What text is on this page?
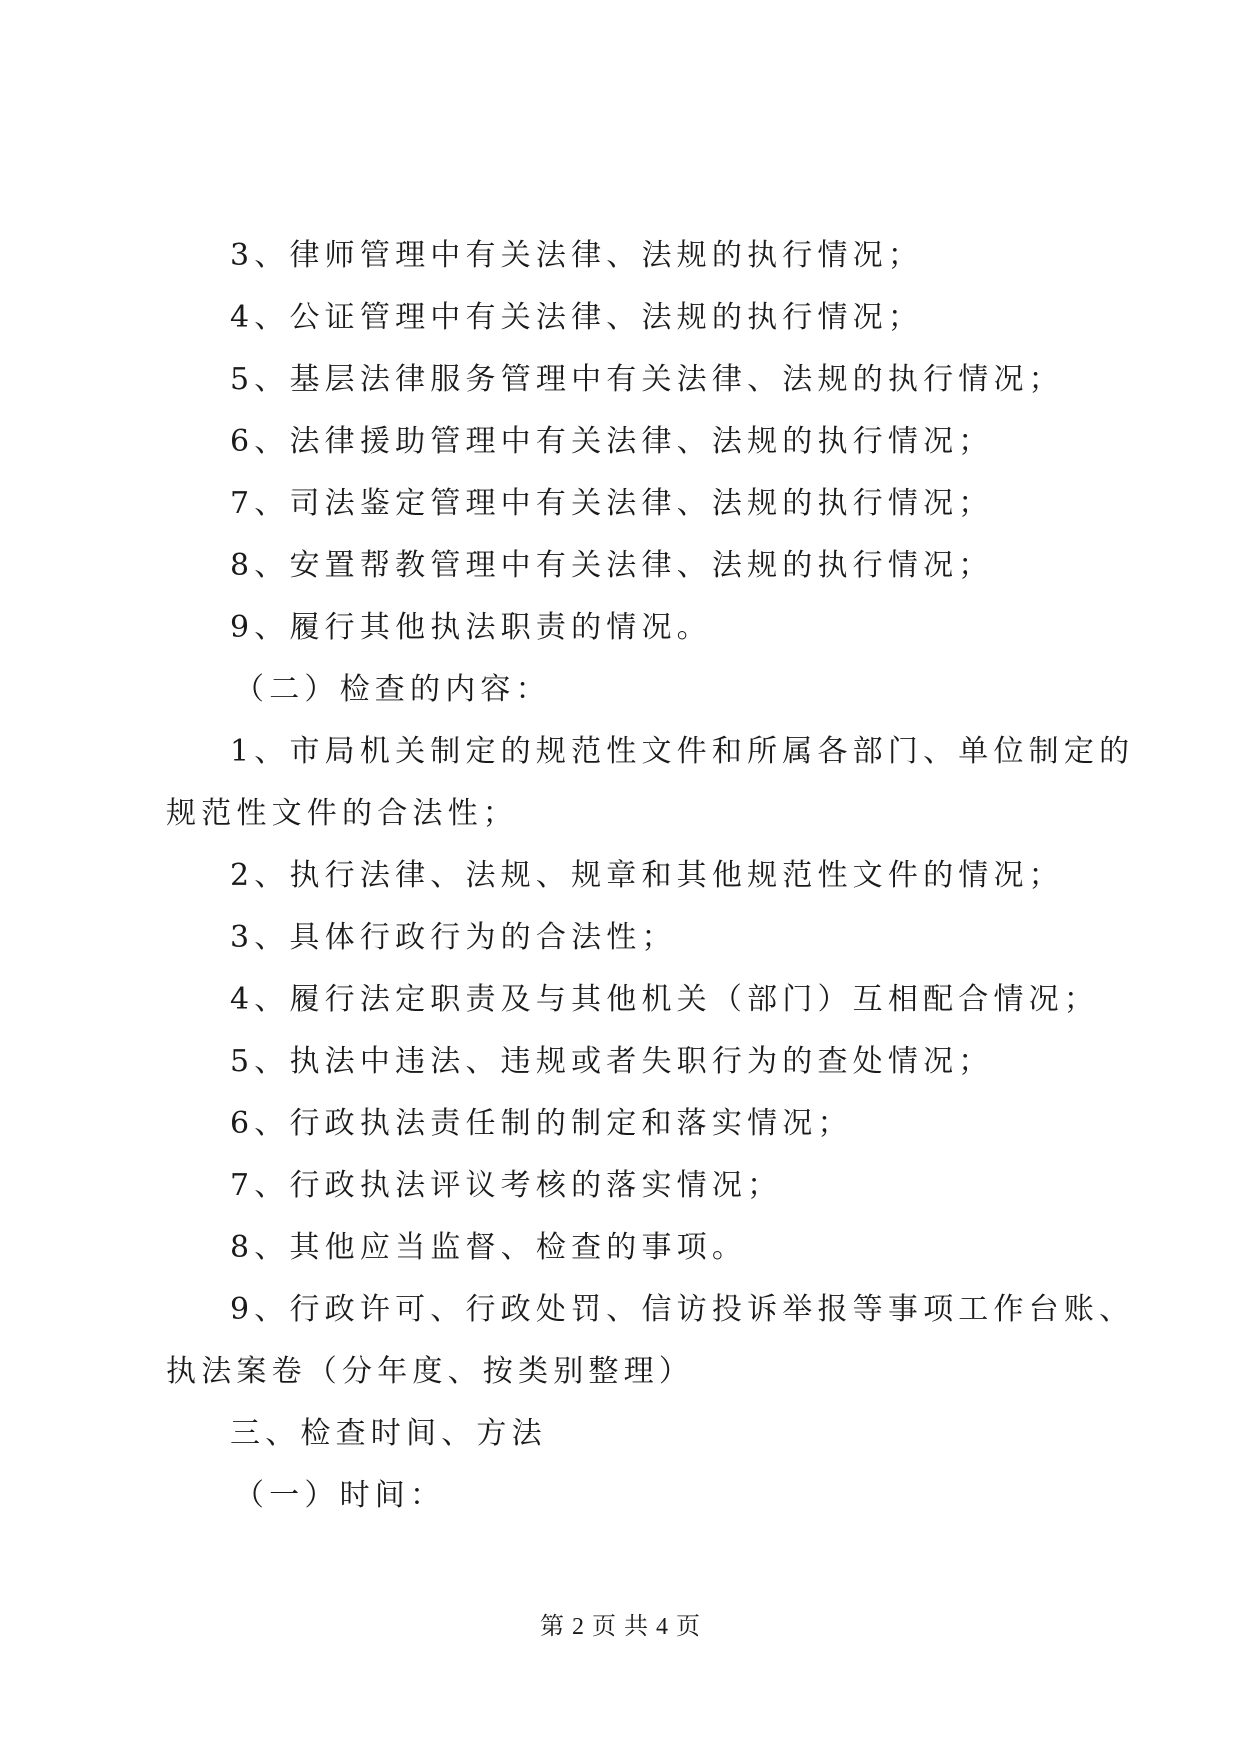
3、律师管理中有关法律、法规的执行情况；
4、公证管理中有关法律、法规的执行情况；
5、基层法律服务管理中有关法律、法规的执行情况；
6、法律援助管理中有关法律、法规的执行情况；
7、司法鉴定管理中有关法律、法规的执行情况；
8、安置帮教管理中有关法律、法规的执行情况；
9、履行其他执法职责的情况。
（二）检查的内容：
1、市局机关制定的规范性文件和所属各部门、单位制定的
规范性文件的合法性；
2、执行法律、法规、规章和其他规范性文件的情况；
3、具体行政行为的合法性；
4、履行法定职责及与其他机关（部门）互相配合情况；
5、执法中违法、违规或者失职行为的查处情况；
6、行政执法责任制的制定和落实情况；
7、行政执法评议考核的落实情况；
8、其他应当监督、检查的事项。
9、行政许可、行政处罚、信访投诉举报等事项工作台账、
执法案卷（分年度、按类别整理）
三、检查时间、方法
（一）时间：
第 2 页 共 4 页
